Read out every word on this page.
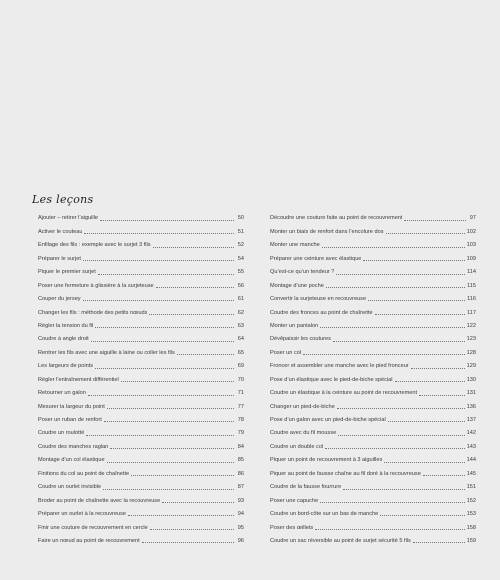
Les leçons
Ajouter – retirer l’aiguille	50
Activer le couteau	51
Enfilage des fils : exemple avec le surjet 3 fils	52
Préparer le surjet	54
Piquer le premier surjet	55
Poser une fermeture à glissière à la surjeteuse	56
Couper du jersey	61
Changer les fils : méthode des petits nœuds	62
Régler la tension du fil	63
Coudre à angle droit	64
Rentrer les fils avec une aiguille à laine ou coller les fils	65
Les largeurs de points	69
Régler l’entraînement différentiel	70
Retourner un galon	71
Mesurer la largeur du point	77
Poser un ruban de renfort	78
Coudre un roulotté	79
Coudre des manches raglan	84
Montage d’un col élastique	85
Finitions du col au point de chaînette	86
Coudre un ourlet invisible	87
Broder au point de chaînette avec la recouvreuse	93
Préparer un ourlet à la recouvreuse	94
Finir une couture de recouvrement en cercle	95
Faire un nœud au point de recouvrement	96
Découdre une couture faite au point de recouvrement	97
Monter un biais de renfort dans l’encolure dos	102
Monter une manche	103
Préparer une ceinture avec élastique	109
Qu’est-ce qu’un tendeur ?	114
Montage d’une poche	115
Convertir la surjeteuse en recouvreuse	116
Coudre des fronces au point de chaînette	117
Monter un pantalon	122
Dévêpaissir les coutures	123
Poser un col	128
Froncer et assembler une manche avec le pied fronceur	129
Pose d’un élastique avec le pied-de-biche spécial	130
Coudre un élastique à la ceinture au point de recouvrement	131
Changer un pied-de-biche	136
Pose d’un galon avec un pied-de-biche spécial	137
Coudre avec du fil mousse	142
Coudre un double col	143
Piquer un point de recouvrement à 3 aiguilles	144
Piquer au point de fausse chaîne au fil doré à la recouvreuse	145
Coudre de la fausse fourrure	151
Poser une capuche	152
Coudre un bord-côte sur un bas de manche	153
Poser des œillets	158
Coudre un sac réversible au point de surjet sécurité 5 fils	159
